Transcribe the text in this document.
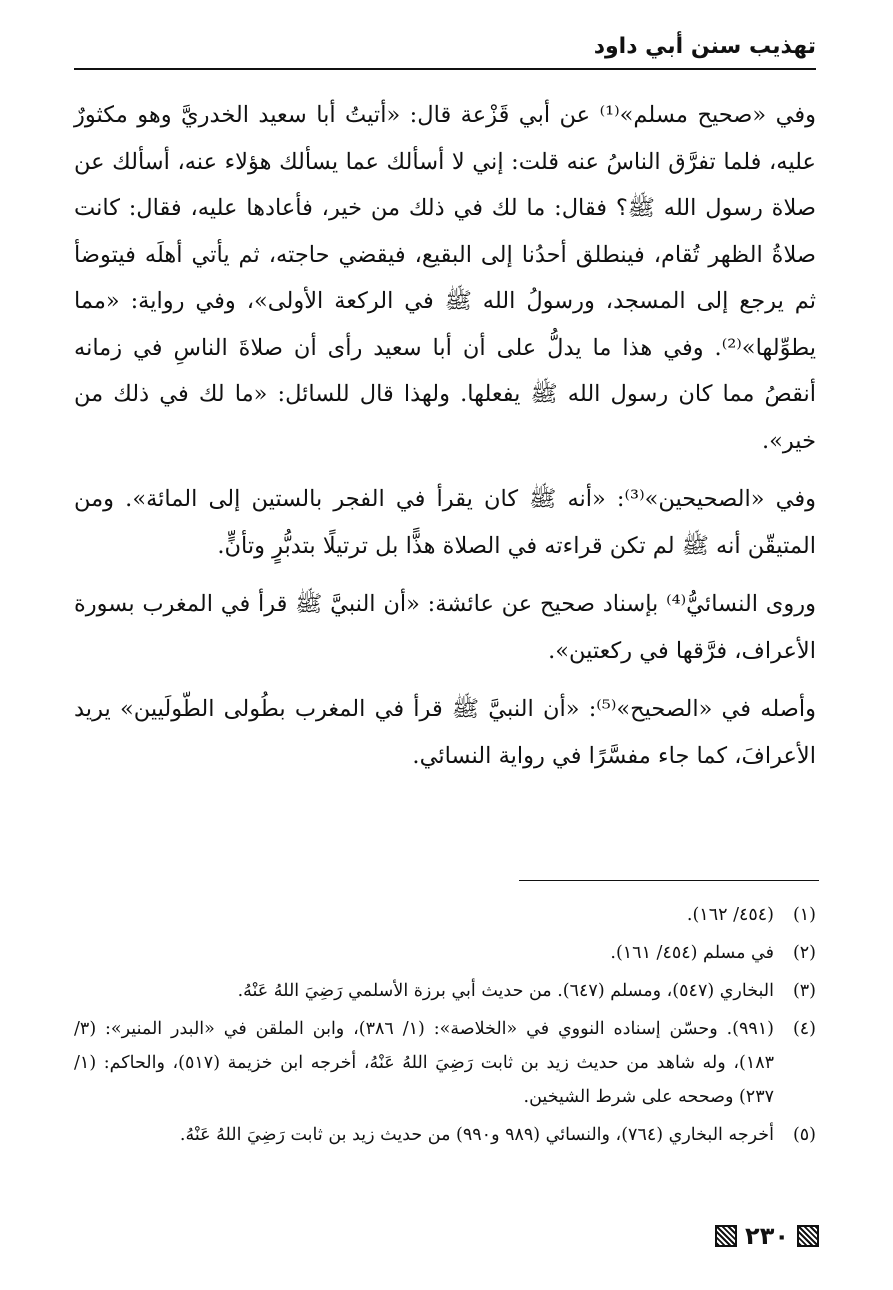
تهذيب سنن أبي داود

وفي «صحيح مسلم»⁽¹⁾ عن أبي قَزْعة قال: «أتيتُ أبا سعيد الخدريَّ وهو مكثورٌ عليه، فلما تفرَّق الناسُ عنه قلت: إني لا أسألك عما يسألك هؤلاء عنه، أسألك عن صلاة رسول الله ﷺ؟ فقال: ما لك في ذلك من خير، فأعادها عليه، فقال: كانت صلاةُ الظهر تُقام، فينطلق أحدُنا إلى البقيع، فيقضي حاجته، ثم يأتي أهلَه فيتوضأ ثم يرجع إلى المسجد، ورسولُ الله ﷺ في الركعة الأولى»، وفي رواية: «مما يطوِّلها»⁽²⁾. وفي هذا ما يدلُّ على أن أبا سعيد رأى أن صلاةَ الناسِ في زمانه أنقصُ مما كان رسول الله ﷺ يفعلها. ولهذا قال للسائل: «ما لك في ذلك من خير».

وفي «الصحيحين»⁽³⁾: «أنه ﷺ كان يقرأ في الفجر بالستين إلى المائة». ومن المتيقّن أنه ﷺ لم تكن قراءته في الصلاة هذًّا بل ترتيلًا بتدبُّرٍ وتأنٍّ.

وروى النسائيُّ⁽⁴⁾ بإسناد صحيح عن عائشة: «أن النبيَّ ﷺ قرأ في المغرب بسورة الأعراف، فرَّقها في ركعتين».

وأصله في «الصحيح»⁽⁵⁾: «أن النبيَّ ﷺ قرأ في المغرب بطُولى الطّولَيين» يريد الأعرافَ، كما جاء مفسَّرًا في رواية النسائي.

(١)
(٤٥٤/ ١٦٢).
(٢)
في مسلم (٤٥٤/ ١٦١).
(٣)
البخاري (٥٤٧)، ومسلم (٦٤٧). من حديث أبي برزة الأسلمي رَضِيَ اللهُ عَنْهُ.
(٤)
(٩٩١). وحسّن إسناده النووي في «الخلاصة»: (١/ ٣٨٦)، وابن الملقن في «البدر المنير»: (٣/ ١٨٣)، وله شاهد من حديث زيد بن ثابت رَضِيَ اللهُ عَنْهُ، أخرجه ابن خزيمة (٥١٧)، والحاكم: (١/ ٢٣٧) وصححه على شرط الشيخين.
(٥)
أخرجه البخاري (٧٦٤)، والنسائي (٩٨٩ و٩٩٠) من حديث زيد بن ثابت رَضِيَ اللهُ عَنْهُ.
٢٣٠
